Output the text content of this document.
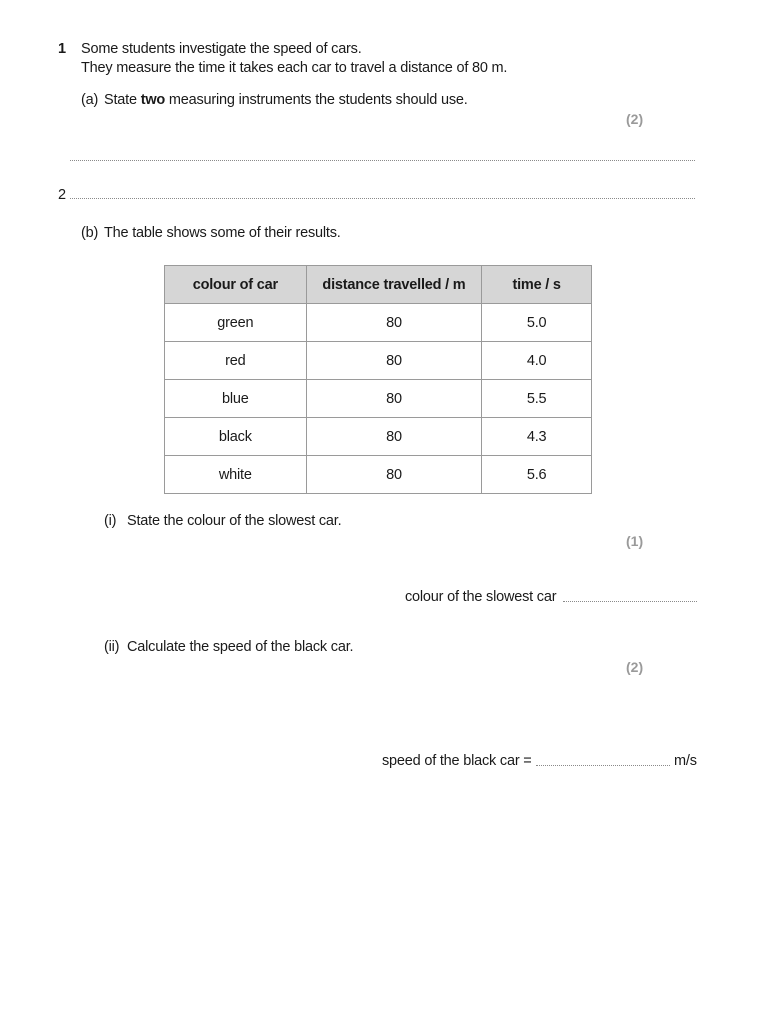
1 Some students investigate the speed of cars.
They measure the time it takes each car to travel a distance of 80 m.
(a) State two measuring instruments the students should use.
(2)
2
(b) The table shows some of their results.
colour of car	distance travelled / m	time / s
green	80	5.0
red	80	4.0
blue	80	5.5
black	80	4.3
white	80	5.6
(i) State the colour of the slowest car.
(1)
colour of the slowest car
(ii) Calculate the speed of the black car.
(2)
speed of the black car =	m/s
